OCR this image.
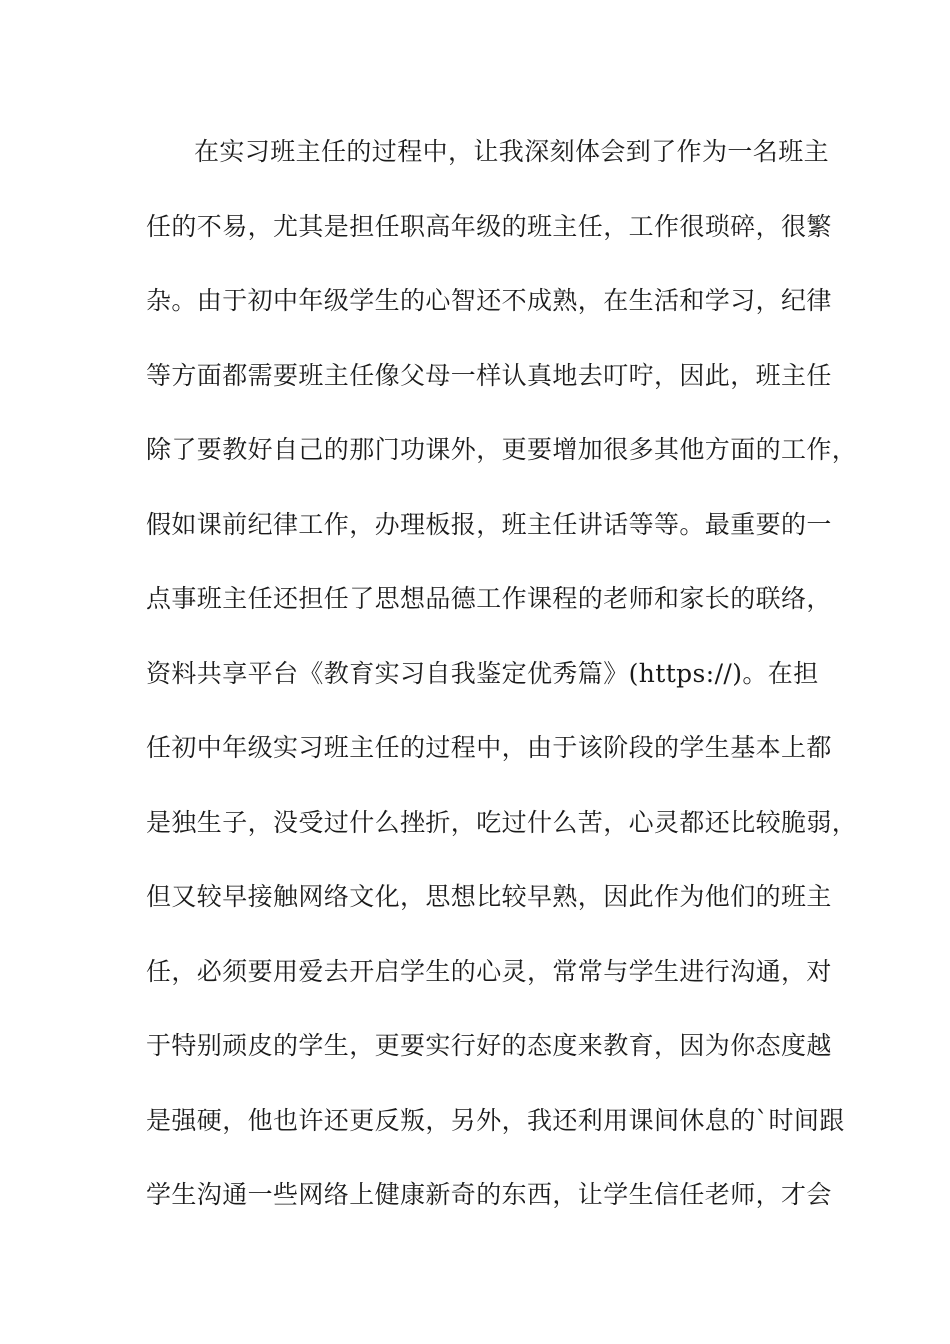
在实习班主任的过程中，让我深刻体会到了作为一名班主
任的不易，尤其是担任职高年级的班主任，工作很琐碎，很繁
杂。由于初中年级学生的心智还不成熟，在生活和学习，纪律
等方面都需要班主任像父母一样认真地去叮咛，因此，班主任
除了要教好自己的那门功课外，更要增加很多其他方面的工作，
假如课前纪律工作，办理板报，班主任讲话等等。最重要的一
点事班主任还担任了思想品德工作课程的老师和家长的联络，
资料共享平台《教育实习自我鉴定优秀篇》(https://)。在担
任初中年级实习班主任的过程中，由于该阶段的学生基本上都
是独生子，没受过什么挫折，吃过什么苦，心灵都还比较脆弱，
但又较早接触网络文化，思想比较早熟，因此作为他们的班主
任，必须要用爱去开启学生的心灵，常常与学生进行沟通，对
于特别顽皮的学生，更要实行好的态度来教育，因为你态度越
是强硬，他也许还更反叛，另外，我还利用课间休息的`时间跟
学生沟通一些网络上健康新奇的东西，让学生信任老师，才会
